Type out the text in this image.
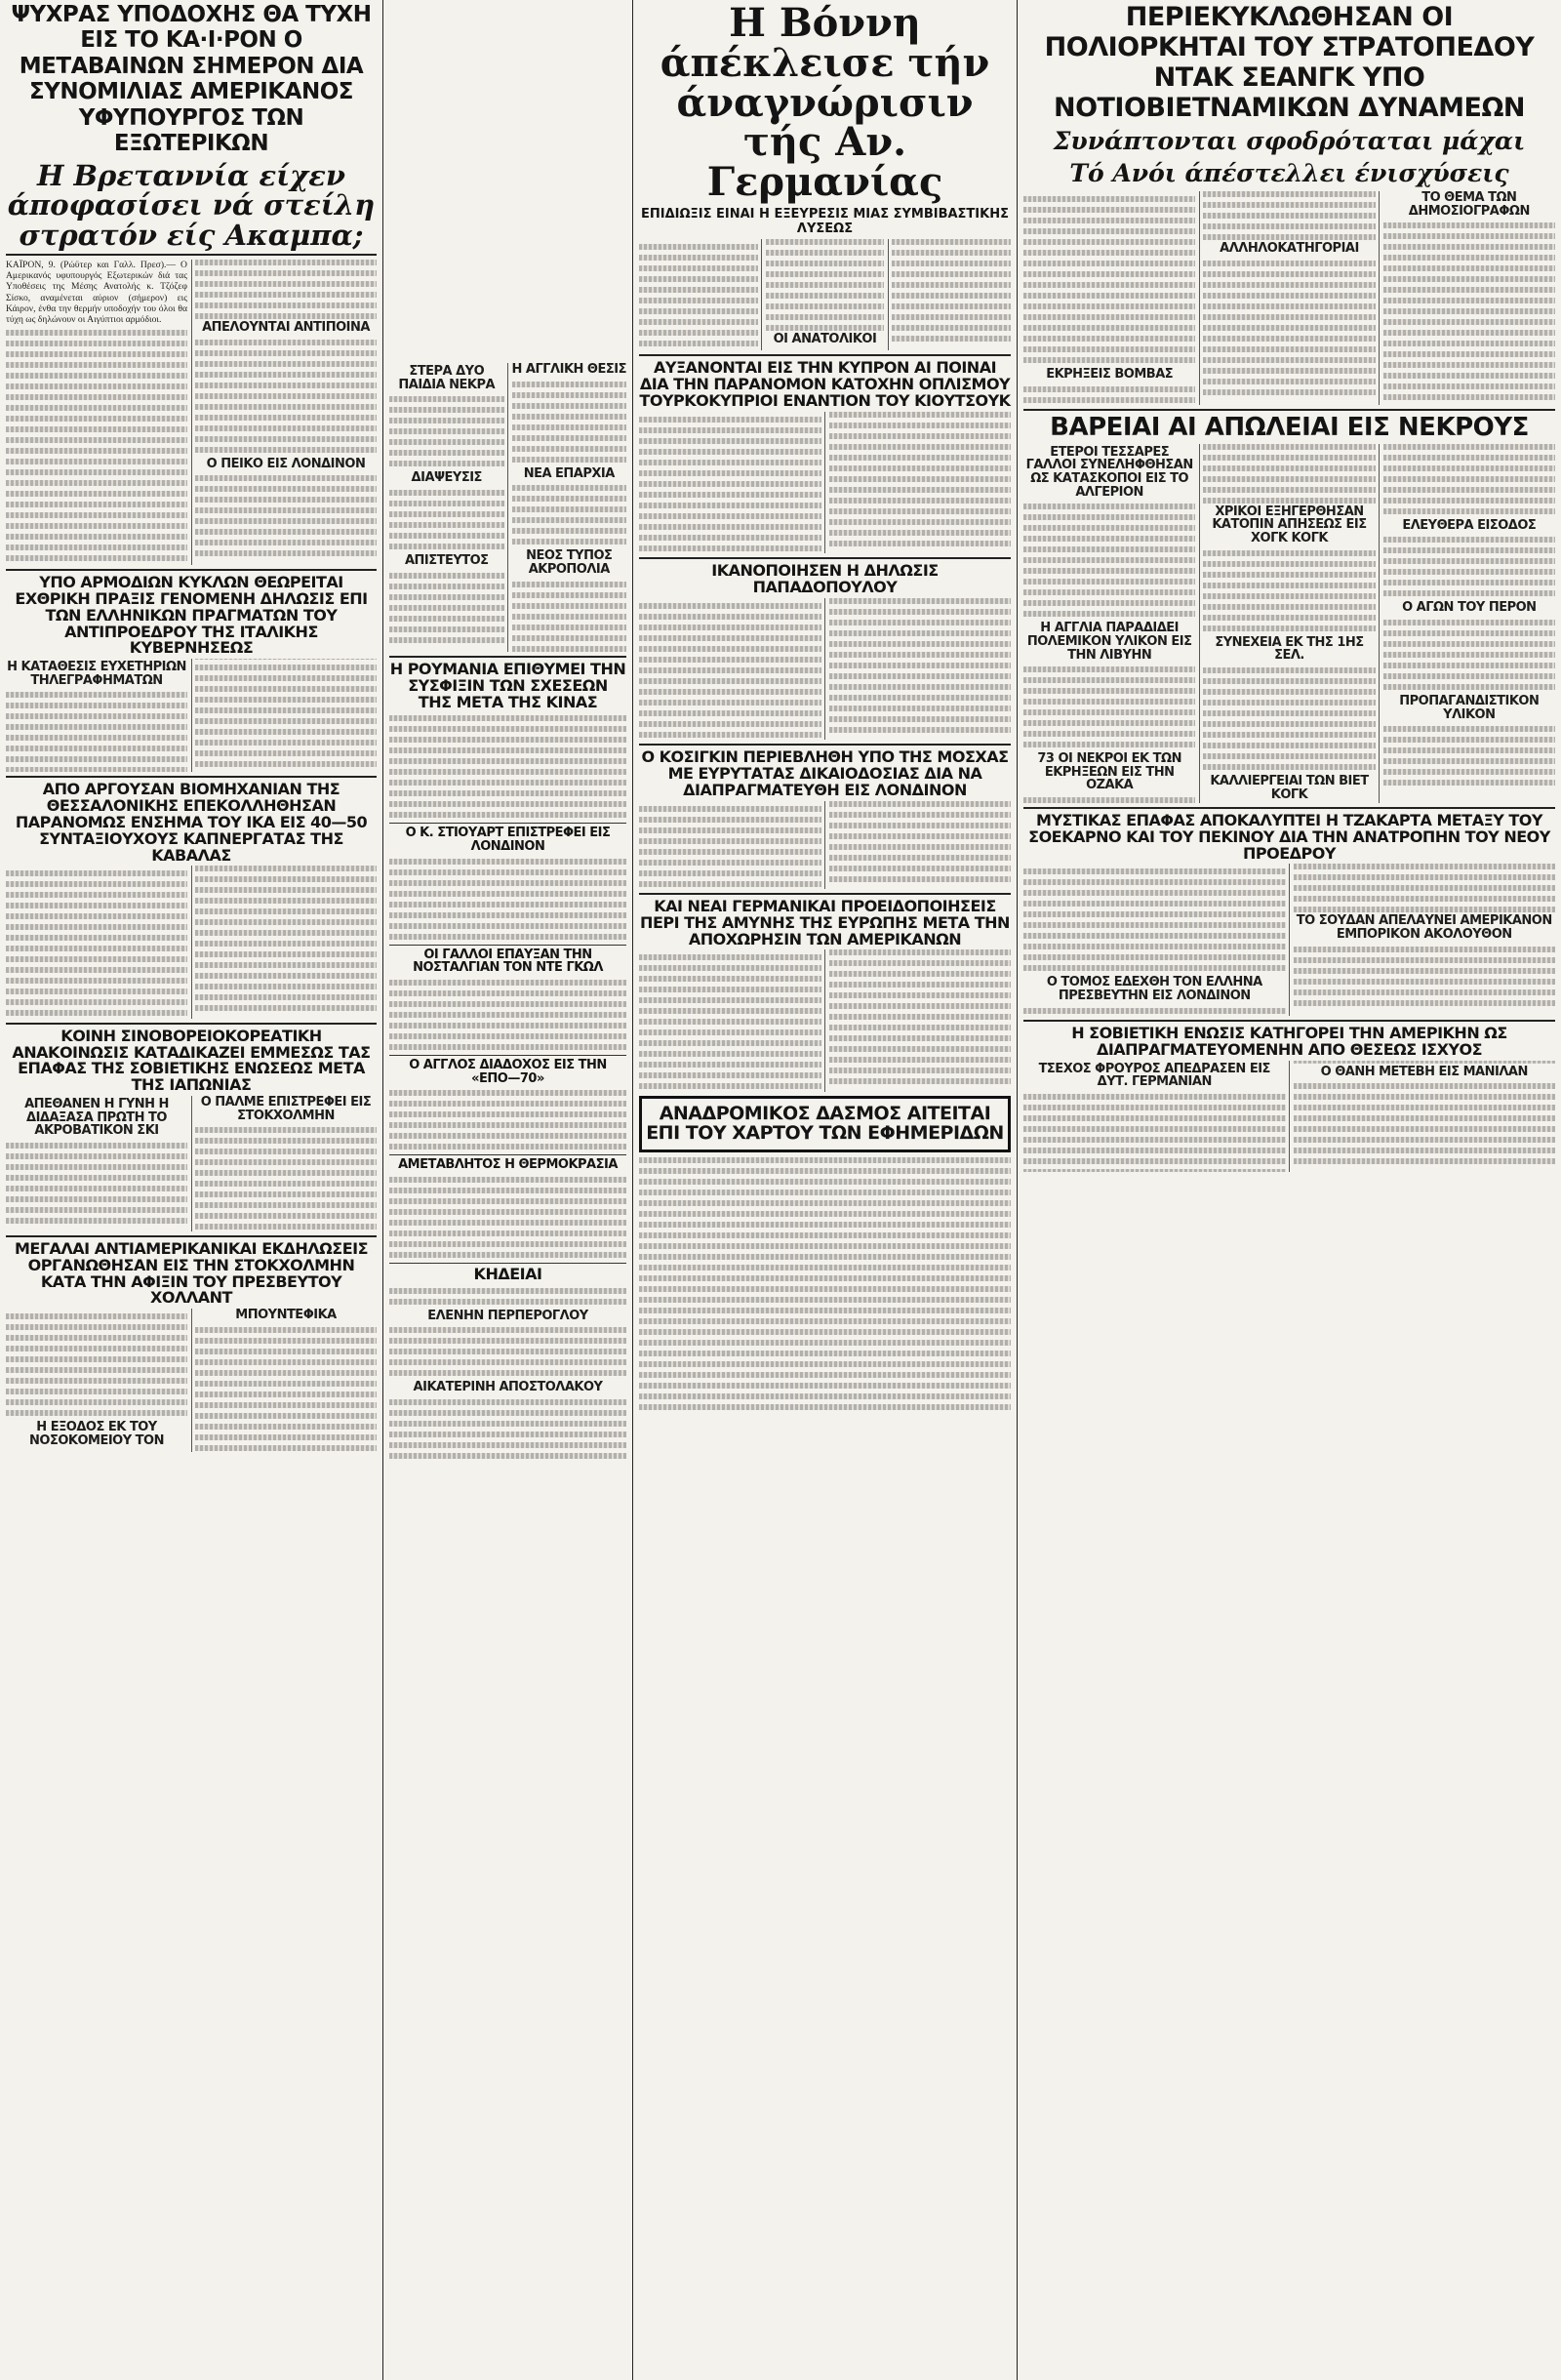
ΨΥΧΡΑΣ ΥΠΟΔΟΧΗΣ ΘΑ ΤΥΧΗ ΕΙΣ ΤΟ ΚΑ·Ι·ΡΟΝ Ο ΜΕΤΑΒΑΙΝΩΝ ΣΗΜΕΡΟΝ ΔΙΑ ΣΥΝΟΜΙΛΙΑΣ ΑΜΕΡΙΚΑΝΟΣ ΥΦΥΠΟΥΡΓΟΣ ΤΩΝ ΕΞΩΤΕΡΙΚΩΝ
Η Βρεταννία είχεν άποφασίσει νά στείλη στρατόν είς Ακαμπα;
ΚΑΪΡΟΝ, 9. (Ρώϋτερ και Γαλλ. Πρεσ).— Ο Αμερικανός υφυπουργός Εξωτερικών διά τας Υποθέσεις της Μέσης Ανατολής κ. Τζόζεφ Σίσκο, αναμένεται αύριον (σήμερον) εις Κάιρον, ένθα την θερμήν υποδοχήν του όλοι θα τύχη ως δηλώνουν οι Αιγύπτιοι αρμόδιοι.
ΑΠΕΛΟΥΝΤΑΙ ΑΝΤΙΠΟΙΝΑ
Ο ΠΕΙΚΟ ΕΙΣ ΛΟΝΔΙΝΟΝ
ΥΠΟ ΑΡΜΟΔΙΩΝ ΚΥΚΛΩΝ ΘΕΩΡΕΙΤΑΙ ΕΧΘΡΙΚΗ ΠΡΑΞΙΣ ΓΕΝΟΜΕΝΗ ΔΗΛΩΣΙΣ ΕΠΙ ΤΩΝ ΕΛΛΗΝΙΚΩΝ ΠΡΑΓΜΑΤΩΝ ΤΟΥ ΑΝΤΙΠΡΟΕΔΡΟΥ ΤΗΣ ΙΤΑΛΙΚΗΣ ΚΥΒΕΡΝΗΣΕΩΣ
Η ΚΑΤΑΘΕΣΙΣ ΕΥΧΕΤΗΡΙΩΝ ΤΗΛΕΓΡΑΦΗΜΑΤΩΝ
ΑΠΟ ΑΡΓΟΥΣΑΝ ΒΙΟΜΗΧΑΝΙΑΝ ΤΗΣ ΘΕΣΣΑΛΟΝΙΚΗΣ ΕΠΕΚΟΛΛΗΘΗΣΑΝ ΠΑΡΑΝΟΜΩΣ ΕΝΣΗΜΑ ΤΟΥ ΙΚΑ ΕΙΣ 40—50 ΣΥΝΤΑΞΙΟΥΧΟΥΣ ΚΑΠΝΕΡΓΑΤΑΣ ΤΗΣ ΚΑΒΑΛΑΣ
ΚΟΙΝΗ ΣΙΝΟΒΟΡΕΙΟΚΟΡΕΑΤΙΚΗ ΑΝΑΚΟΙΝΩΣΙΣ ΚΑΤΑΔΙΚΑΖΕΙ ΕΜΜΕΣΩΣ ΤΑΣ ΕΠΑΦΑΣ ΤΗΣ ΣΟΒΙΕΤΙΚΗΣ ΕΝΩΣΕΩΣ ΜΕΤΑ ΤΗΣ ΙΑΠΩΝΙΑΣ
ΑΠΕΘΑΝΕΝ Η ΓΥΝΗ Η ΔΙΔΑΞΑΣΑ ΠΡΩΤΗ ΤΟ ΑΚΡΟΒΑΤΙΚΟΝ ΣΚΙ
Ο ΠΑΛΜΕ ΕΠΙΣΤΡΕΦΕΙ ΕΙΣ ΣΤΟΚΧΟΛΜΗΝ
ΜΕΓΑΛΑΙ ΑΝΤΙΑΜΕΡΙΚΑΝΙΚΑΙ ΕΚΔΗΛΩΣΕΙΣ ΟΡΓΑΝΩΘΗΣΑΝ ΕΙΣ ΤΗΝ ΣΤΟΚΧΟΛΜΗΝ ΚΑΤΑ ΤΗΝ ΑΦΙΞΙΝ ΤΟΥ ΠΡΕΣΒΕΥΤΟΥ ΧΟΛΛΑΝΤ
Η ΕΞΟΔΟΣ ΕΚ ΤΟΥ ΝΟΣΟΚΟΜΕΙΟΥ ΤΟΝ ΜΠΟΥΝΤΕΦΙΚΑ
ΣΤΕΡΑ ΔΥΟ ΠΑΙΔΙΑ ΝΕΚΡΑ
ΔΙΑΨΕΥΣΙΣ
ΑΠΙΣΤΕΥΤΟΣ
Η ΑΓΓΛΙΚΗ ΘΕΣΙΣ
ΝΕΑ ΕΠΑΡΧΙΑ
ΝΕΟΣ ΤΥΠΟΣ ΑΚΡΟΠΟΛΙΑ
Η ΡΟΥΜΑΝΙΑ ΕΠΙΘΥΜΕΙ ΤΗΝ ΣΥΣΦΙΞΙΝ ΤΩΝ ΣΧΕΣΕΩΝ ΤΗΣ ΜΕΤΑ ΤΗΣ ΚΙΝΑΣ
Ο Κ. ΣΤΙΟΥΑΡΤ ΕΠΙΣΤΡΕΦΕΙ ΕΙΣ ΛΟΝΔΙΝΟΝ
ΟΙ ΓΑΛΛΟΙ ΕΠΑΥΞΑΝ ΤΗΝ ΝΟΣΤΑΛΓΙΑΝ ΤΟΝ ΝΤΕ ΓΚΩΛ
Ο ΑΓΓΛΟΣ ΔΙΑΔΟΧΟΣ ΕΙΣ ΤΗΝ «ΕΠΟ—70»
ΑΜΕΤΑΒΛΗΤΟΣ Η ΘΕΡΜΟΚΡΑΣΙΑ
ΚΗΔΕΙΑΙ
ΕΛΕΝΗΝ ΠΕΡΠΕΡΟΓΛΟΥ
ΑΙΚΑΤΕΡΙΝΗ ΑΠΟΣΤΟΛΑΚΟΥ
Η Βόννη άπέκλεισε τήν άναγνώρισιν τής Αν. Γερμανίας
ΕΠΙΔΙΩΞΙΣ ΕΙΝΑΙ Η ΕΞΕΥΡΕΣΙΣ ΜΙΑΣ ΣΥΜΒΙΒΑΣΤΙΚΗΣ ΛΥΣΕΩΣ
ΟΙ ΑΝΑΤΟΛΙΚΟΙ
ΑΥΞΑΝΟΝΤΑΙ ΕΙΣ ΤΗΝ ΚΥΠΡΟΝ ΑΙ ΠΟΙΝΑΙ ΔΙΑ ΤΗΝ ΠΑΡΑΝΟΜΟΝ ΚΑΤΟΧΗΝ ΟΠΛΙΣΜΟΥ ΤΟΥΡΚΟΚΥΠΡΙΟΙ ΕΝΑΝΤΙΟΝ ΤΟΥ ΚΙΟΥΤΣΟΥΚ
ΙΚΑΝΟΠΟΙΗΣΕΝ Η ΔΗΛΩΣΙΣ ΠΑΠΑΔΟΠΟΥΛΟΥ
Ο ΚΟΣΙΓΚΙΝ ΠΕΡΙΕΒΛΗΘΗ ΥΠΟ ΤΗΣ ΜΟΣΧΑΣ ΜΕ ΕΥΡΥΤΑΤΑΣ ΔΙΚΑΙΟΔΟΣΙΑΣ ΔΙΑ ΝΑ ΔΙΑΠΡΑΓΜΑΤΕΥΘΗ ΕΙΣ ΛΟΝΔΙΝΟΝ
ΚΑΙ ΝΕΑΙ ΓΕΡΜΑΝΙΚΑΙ ΠΡΟΕΙΔΟΠΟΙΗΣΕΙΣ ΠΕΡΙ ΤΗΣ ΑΜΥΝΗΣ ΤΗΣ ΕΥΡΩΠΗΣ ΜΕΤΑ ΤΗΝ ΑΠΟΧΩΡΗΣΙΝ ΤΩΝ ΑΜΕΡΙΚΑΝΩΝ
ΑΝΑΔΡΟΜΙΚΟΣ ΔΑΣΜΟΣ ΑΙΤΕΙΤΑΙ ΕΠΙ ΤΟΥ ΧΑΡΤΟΥ ΤΩΝ ΕΦΗΜΕΡΙΔΩΝ
ΠΕΡΙΕΚΥΚΛΩΘΗΣΑΝ ΟΙ ΠΟΛΙΟΡΚΗΤΑΙ ΤΟΥ ΣΤΡΑΤΟΠΕΔΟΥ ΝΤΑΚ ΣΕΑΝΓΚ ΥΠΟ ΝΟΤΙΟΒΙΕΤΝΑΜΙΚΩΝ ΔΥΝΑΜΕΩΝ
Συνάπτονται σφοδρόταται μάχαι
Τό Ανόι άπέστελλει ένισχύσεις
ΕΚΡΗΞΕΙΣ ΒΟΜΒΑΣ
ΑΛΛΗΛΟΚΑΤΗΓΟΡΙΑΙ
ΤΟ ΘΕΜΑ ΤΩΝ ΔΗΜΟΣΙΟΓΡΑΦΩΝ
ΒΑΡΕΙΑΙ ΑΙ ΑΠΩΛΕΙΑΙ ΕΙΣ ΝΕΚΡΟΥΣ
ΕΤΕΡΟΙ ΤΕΣΣΑΡΕΣ ΓΑΛΛΟΙ ΣΥΝΕΛΗΦΘΗΣΑΝ ΩΣ ΚΑΤΑΣΚΟΠΟΙ ΕΙΣ ΤΟ ΑΛΓΕΡΙΟΝ
Η ΑΓΓΛΙΑ ΠΑΡΑΔΙΔΕΙ ΠΟΛΕΜΙΚΟΝ ΥΛΙΚΟΝ ΕΙΣ ΤΗΝ ΛΙΒΥΗΝ
73 ΟΙ ΝΕΚΡΟΙ ΕΚ ΤΩΝ ΕΚΡΗΞΕΩΝ ΕΙΣ ΤΗΝ ΟΖΑΚΑ
ΧΡΙΚΟΙ ΕΞΗΓΕΡΘΗΣΑΝ ΚΑΤΟΠΙΝ ΑΠΗΣΕΩΣ ΕΙΣ ΧΟΓΚ ΚΟΓΚ
ΣΥΝΕΧΕΙΑ ΕΚ ΤΗΣ 1ΗΣ ΣΕΛ.
ΚΑΛΛΙΕΡΓΕΙΑΙ ΤΩΝ ΒΙΕΤ ΚΟΓΚ
ΕΛΕΥΘΕΡΑ ΕΙΣΟΔΟΣ
Ο ΑΓΩΝ ΤΟΥ ΠΕΡΟΝ
ΠΡΟΠΑΓΑΝΔΙΣΤΙΚΟΝ ΥΛΙΚΟΝ
ΜΥΣΤΙΚΑΣ ΕΠΑΦΑΣ ΑΠΟΚΑΛΥΠΤΕΙ Η ΤΖΑΚΑΡΤΑ ΜΕΤΑΞΥ ΤΟΥ ΣΟΕΚΑΡΝΟ ΚΑΙ ΤΟΥ ΠΕΚΙΝΟΥ ΔΙΑ ΤΗΝ ΑΝΑΤΡΟΠΗΝ ΤΟΥ ΝΕΟΥ ΠΡΟΕΔΡΟΥ
Ο ΤΟΜΟΣ ΕΔΕΧΘΗ ΤΟΝ ΕΛΛΗΝΑ ΠΡΕΣΒΕΥΤΗΝ ΕΙΣ ΛΟΝΔΙΝΟΝ
ΤΟ ΣΟΥΔΑΝ ΑΠΕΛΑΥΝΕΙ ΑΜΕΡΙΚΑΝΟΝ ΕΜΠΟΡΙΚΟΝ ΑΚΟΛΟΥΘΟΝ
Η ΣΟΒΙΕΤΙΚΗ ΕΝΩΣΙΣ ΚΑΤΗΓΟΡΕΙ ΤΗΝ ΑΜΕΡΙΚΗΝ ΩΣ ΔΙΑΠΡΑΓΜΑΤΕΥΟΜΕΝΗΝ ΑΠΟ ΘΕΣΕΩΣ ΙΣΧΥΟΣ
ΤΣΕΧΟΣ ΦΡΟΥΡΟΣ ΑΠΕΔΡΑΣΕΝ ΕΙΣ ΔΥΤ. ΓΕΡΜΑΝΙΑΝ
Ο ΘΑΝΗ ΜΕΤΕΒΗ ΕΙΣ ΜΑΝΙΛΑΝ
